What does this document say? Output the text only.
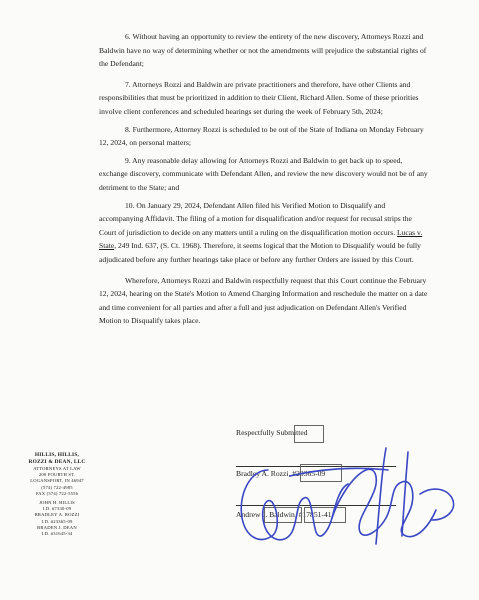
6. Without having an opportunity to review the entirety of the new discovery, Attorneys Rozzi and Baldwin have no way of determining whether or not the amendments will prejudice the substantial rights of the Defendant;

7. Attorneys Rozzi and Baldwin are private practitioners and therefore, have other Clients and responsibilities that must be prioritized in addition to their Client, Richard Allen. Some of these priorities involve client conferences and scheduled hearings set during the week of February 5th, 2024;

8. Furthermore, Attorney Rozzi is scheduled to be out of the State of Indiana on Monday February 12, 2024, on personal matters;

9. Any reasonable delay allowing for Attorneys Rozzi and Baldwin to get back up to speed, exchange discovery, communicate with Defendant Allen, and review the new discovery would not be of any detriment to the State; and

10. On January 29, 2024, Defendant Allen filed his Verified Motion to Disqualify and accompanying Affidavit. The filing of a motion for disqualification and/or request for recusal strips the Court of jurisdiction to decide on any matters until a ruling on the disqualification motion occurs. Lucas v. State, 249 Ind. 637, (S. Ct. 1968). Therefore, it seems logical that the Motion to Disqualify would be fully adjudicated before any further hearings take place or before any further Orders are issued by this Court.

Wherefore, Attorneys Rozzi and Baldwin respectfully request that this Court continue the February 12, 2024, hearing on the State's Motion to Amend Charging Information and reschedule the matter on a date and time convenient for all parties and after a full and just adjudication on Defendant Allen's Verified Motion to Disqualify takes place.

HILLIS, HILLIS,
ROZZI & DEAN, LLC
ATTORNEYS AT LAW
200 FOURTH ST.
LOGANSPORT, IN 46947
(574) 722-4985
FAX (574) 722-5556
JOHN H. HILLIS
I.D. #7330-09
BRADLEY A. ROZZI
I.D. #23365-09
BRADEN J. DEAN
I.D. #31645-34
Respectfully Submitted
Bradley A. Rozzi, #23365-09
Andrew J. Baldwin, #17851-41
